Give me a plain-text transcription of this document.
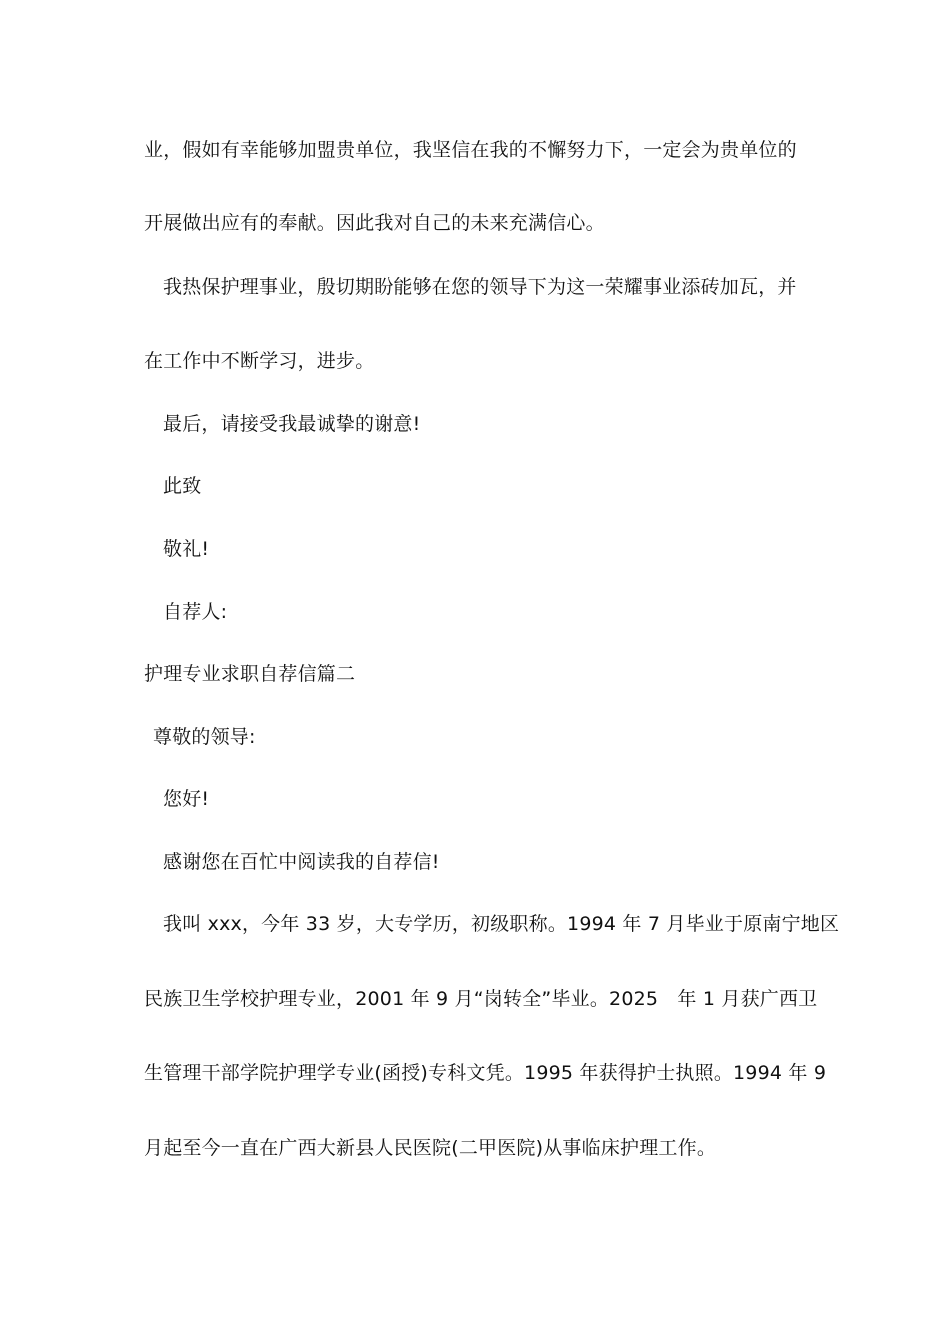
业，假如有幸能够加盟贵单位，我坚信在我的不懈努力下，一定会为贵单位的
开展做出应有的奉献。因此我对自己的未来充满信心。
我热保护理事业，殷切期盼能够在您的领导下为这一荣耀事业添砖加瓦，并
在工作中不断学习，进步。
最后，请接受我最诚挚的谢意!
此致
敬礼!
自荐人:
护理专业求职自荐信篇二
尊敬的领导:
您好!
感谢您在百忙中阅读我的自荐信!
我叫 xxx，今年 33 岁，大专学历，初级职称。1994 年 7 月毕业于原南宁地区
民族卫生学校护理专业，2001 年 9 月“岗转全”毕业。2025　年 1 月获广西卫
生管理干部学院护理学专业(函授)专科文凭。1995 年获得护士执照。1994 年 9
月起至今一直在广西大新县人民医院(二甲医院)从事临床护理工作。
